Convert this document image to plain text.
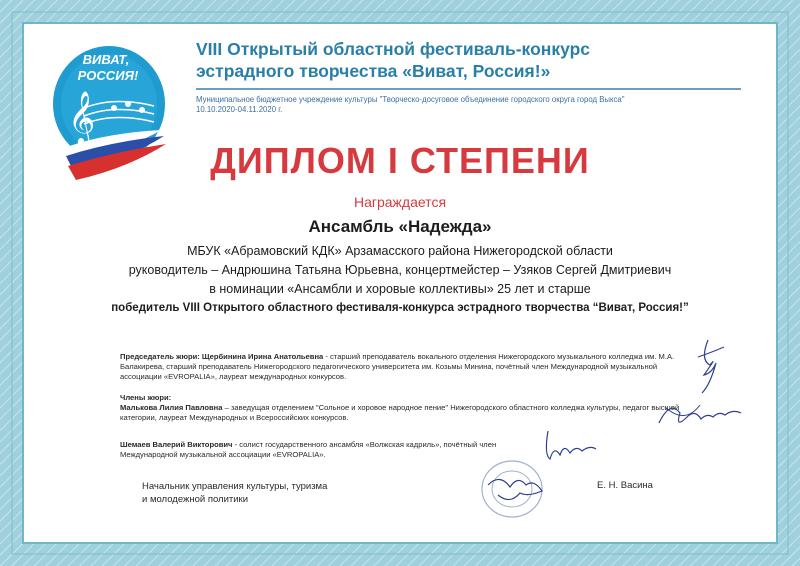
ВИВАТ,
РОССИЯ!
𝄞
VIII Открытый областной фестиваль-конкурс
эстрадного творчества «Виват, Россия!»
Муниципальное бюджетное учреждение культуры "Творческо-досуговое объединение городского округа город Выкса"
10.10.2020-04.11.2020 г.
ДИПЛОМ I СТЕПЕНИ
Награждается
Ансамбль «Надежда»
МБУК «Абрамовский КДК» Арзамасского района Нижегородской области
руководитель – Андрюшина Татьяна Юрьевна, концертмейстер – Узяков Сергей Дмитриевич
в номинации «Ансамбли и хоровые коллективы» 25 лет и старше
победитель VIII Открытого областного фестиваля-конкурса эстрадного творчества “Виват, Россия!”
Председатель жюри: Щербинина Ирина Анатольевна - старший преподаватель вокального отделения Нижегородского музыкального колледжа им. М.А. Балакирева, старший преподаватель Нижегородского педагогического университета им. Козьмы Минина, почётный член Международной музыкальной ассоциации «EVROPALIA», лауреат международных конкурсов.
Члены жюри:
Малькова Лилия Павловна – заведущая отделением "Сольное и хоровое народное пение" Нижегородского областного колледжа культуры, педагог высшей категории, лауреат Международных и Всероссийских конкурсов.
Шемаев Валерий Викторович - солист государственного ансамбля «Волжская кадриль», почётный член Международной музыкальной ассоциации «EVROPALIA».
Начальник управления культуры, туризма
и молодежной политики
Е. Н. Васина
